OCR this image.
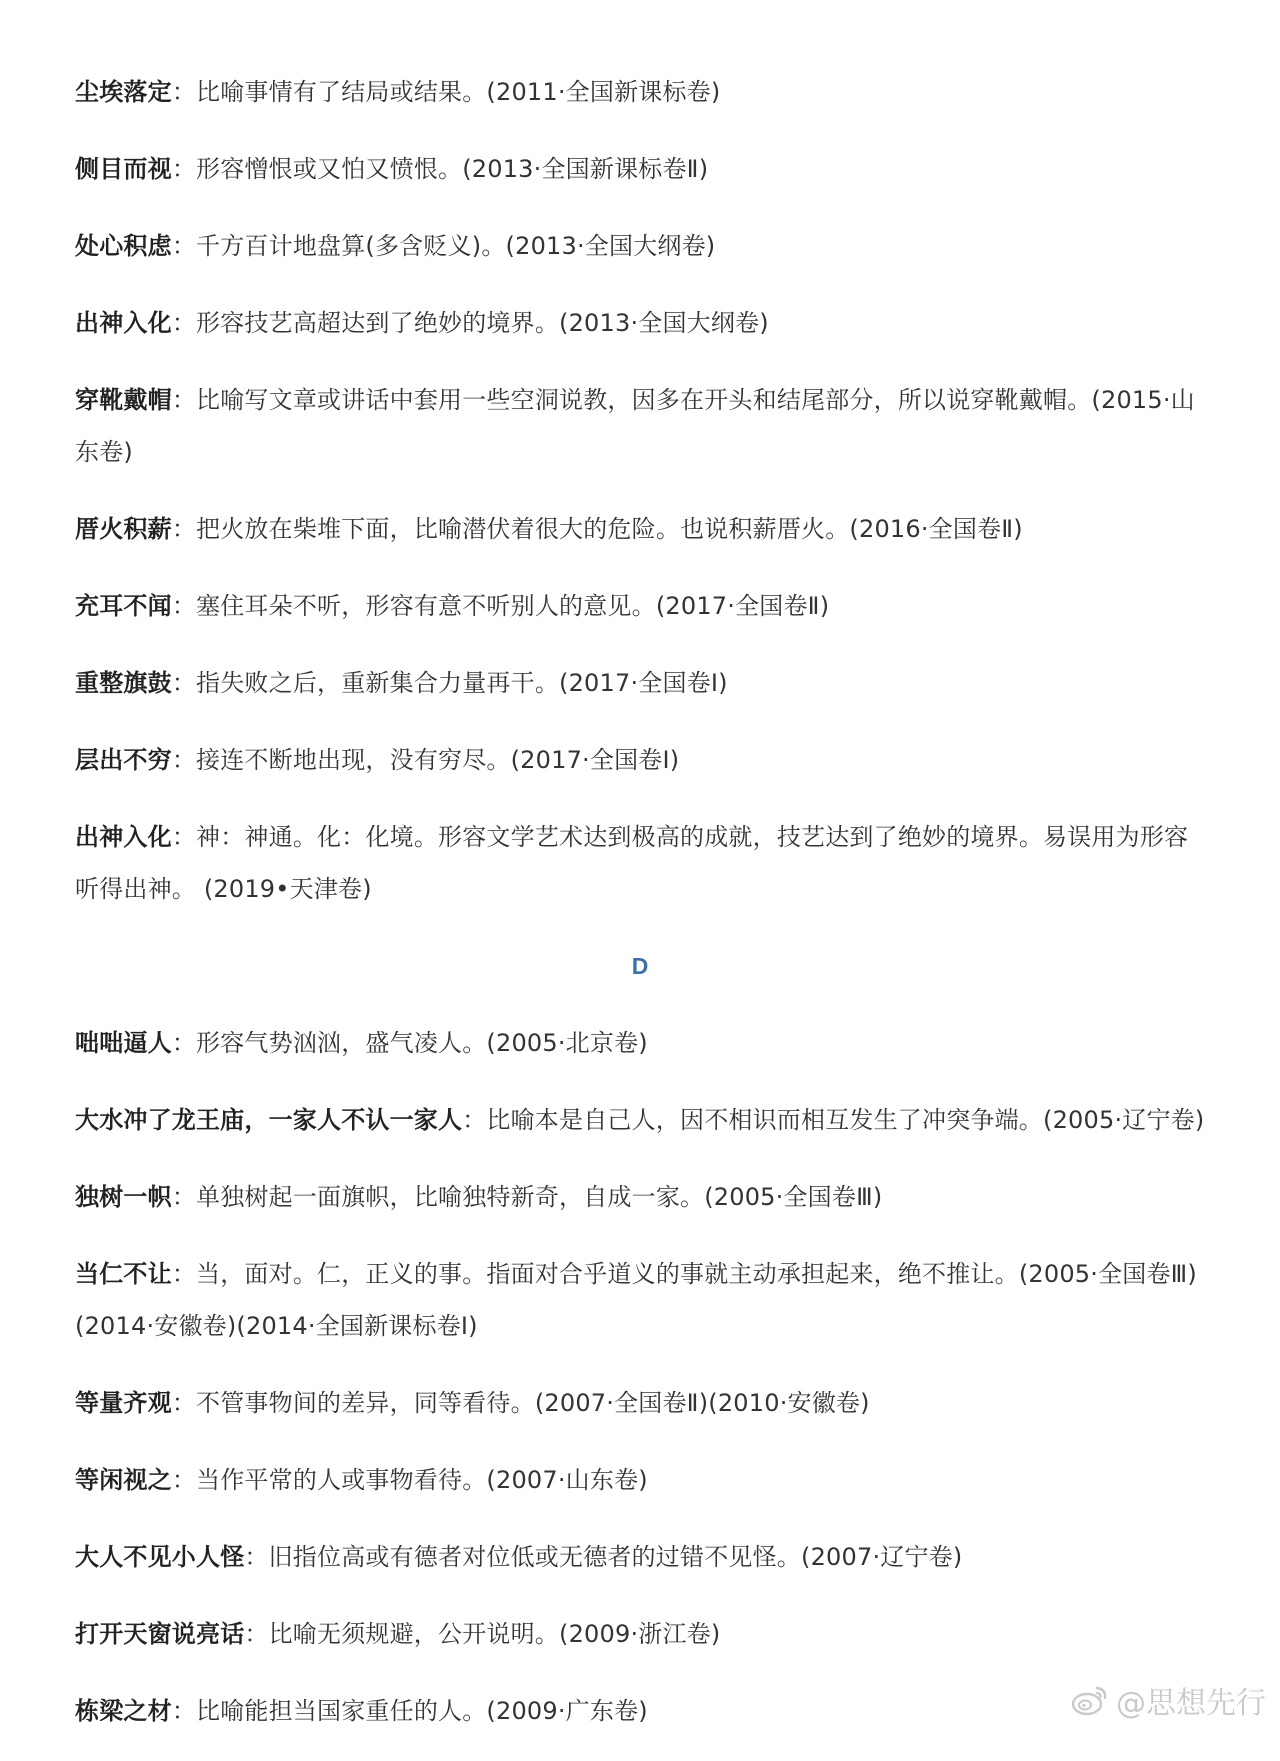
尘埃落定：比喻事情有了结局或结果。(2011·全国新课标卷)
侧目而视：形容憎恨或又怕又愤恨。(2013·全国新课标卷Ⅱ)
处心积虑：千方百计地盘算(多含贬义)。(2013·全国大纲卷)
出神入化：形容技艺高超达到了绝妙的境界。(2013·全国大纲卷)
穿靴戴帽：比喻写文章或讲话中套用一些空洞说教，因多在开头和结尾部分，所以说穿靴戴帽。(2015·山东卷)
厝火积薪：把火放在柴堆下面，比喻潜伏着很大的危险。也说积薪厝火。(2016·全国卷Ⅱ)
充耳不闻：塞住耳朵不听，形容有意不听别人的意见。(2017·全国卷Ⅱ)
重整旗鼓：指失败之后，重新集合力量再干。(2017·全国卷Ⅰ)
层出不穷：接连不断地出现，没有穷尽。(2017·全国卷Ⅰ)
出神入化：神：神通。化：化境。形容文学艺术达到极高的成就，技艺达到了绝妙的境界。易误用为形容听得出神。 (2019•天津卷)
D
咄咄逼人：形容气势汹汹，盛气凌人。(2005·北京卷)
大水冲了龙王庙，一家人不认一家人：比喻本是自己人，因不相识而相互发生了冲突争端。(2005·辽宁卷)
独树一帜：单独树起一面旗帜，比喻独特新奇，自成一家。(2005·全国卷Ⅲ)
当仁不让：当，面对。仁，正义的事。指面对合乎道义的事就主动承担起来，绝不推让。(2005·全国卷Ⅲ)(2014·安徽卷)(2014·全国新课标卷Ⅰ)
等量齐观：不管事物间的差异，同等看待。(2007·全国卷Ⅱ)(2010·安徽卷)
等闲视之：当作平常的人或事物看待。(2007·山东卷)
大人不见小人怪：旧指位高或有德者对位低或无德者的过错不见怪。(2007·辽宁卷)
打开天窗说亮话：比喻无须规避，公开说明。(2009·浙江卷)
栋梁之材：比喻能担当国家重任的人。(2009·广东卷)	@思想先行
